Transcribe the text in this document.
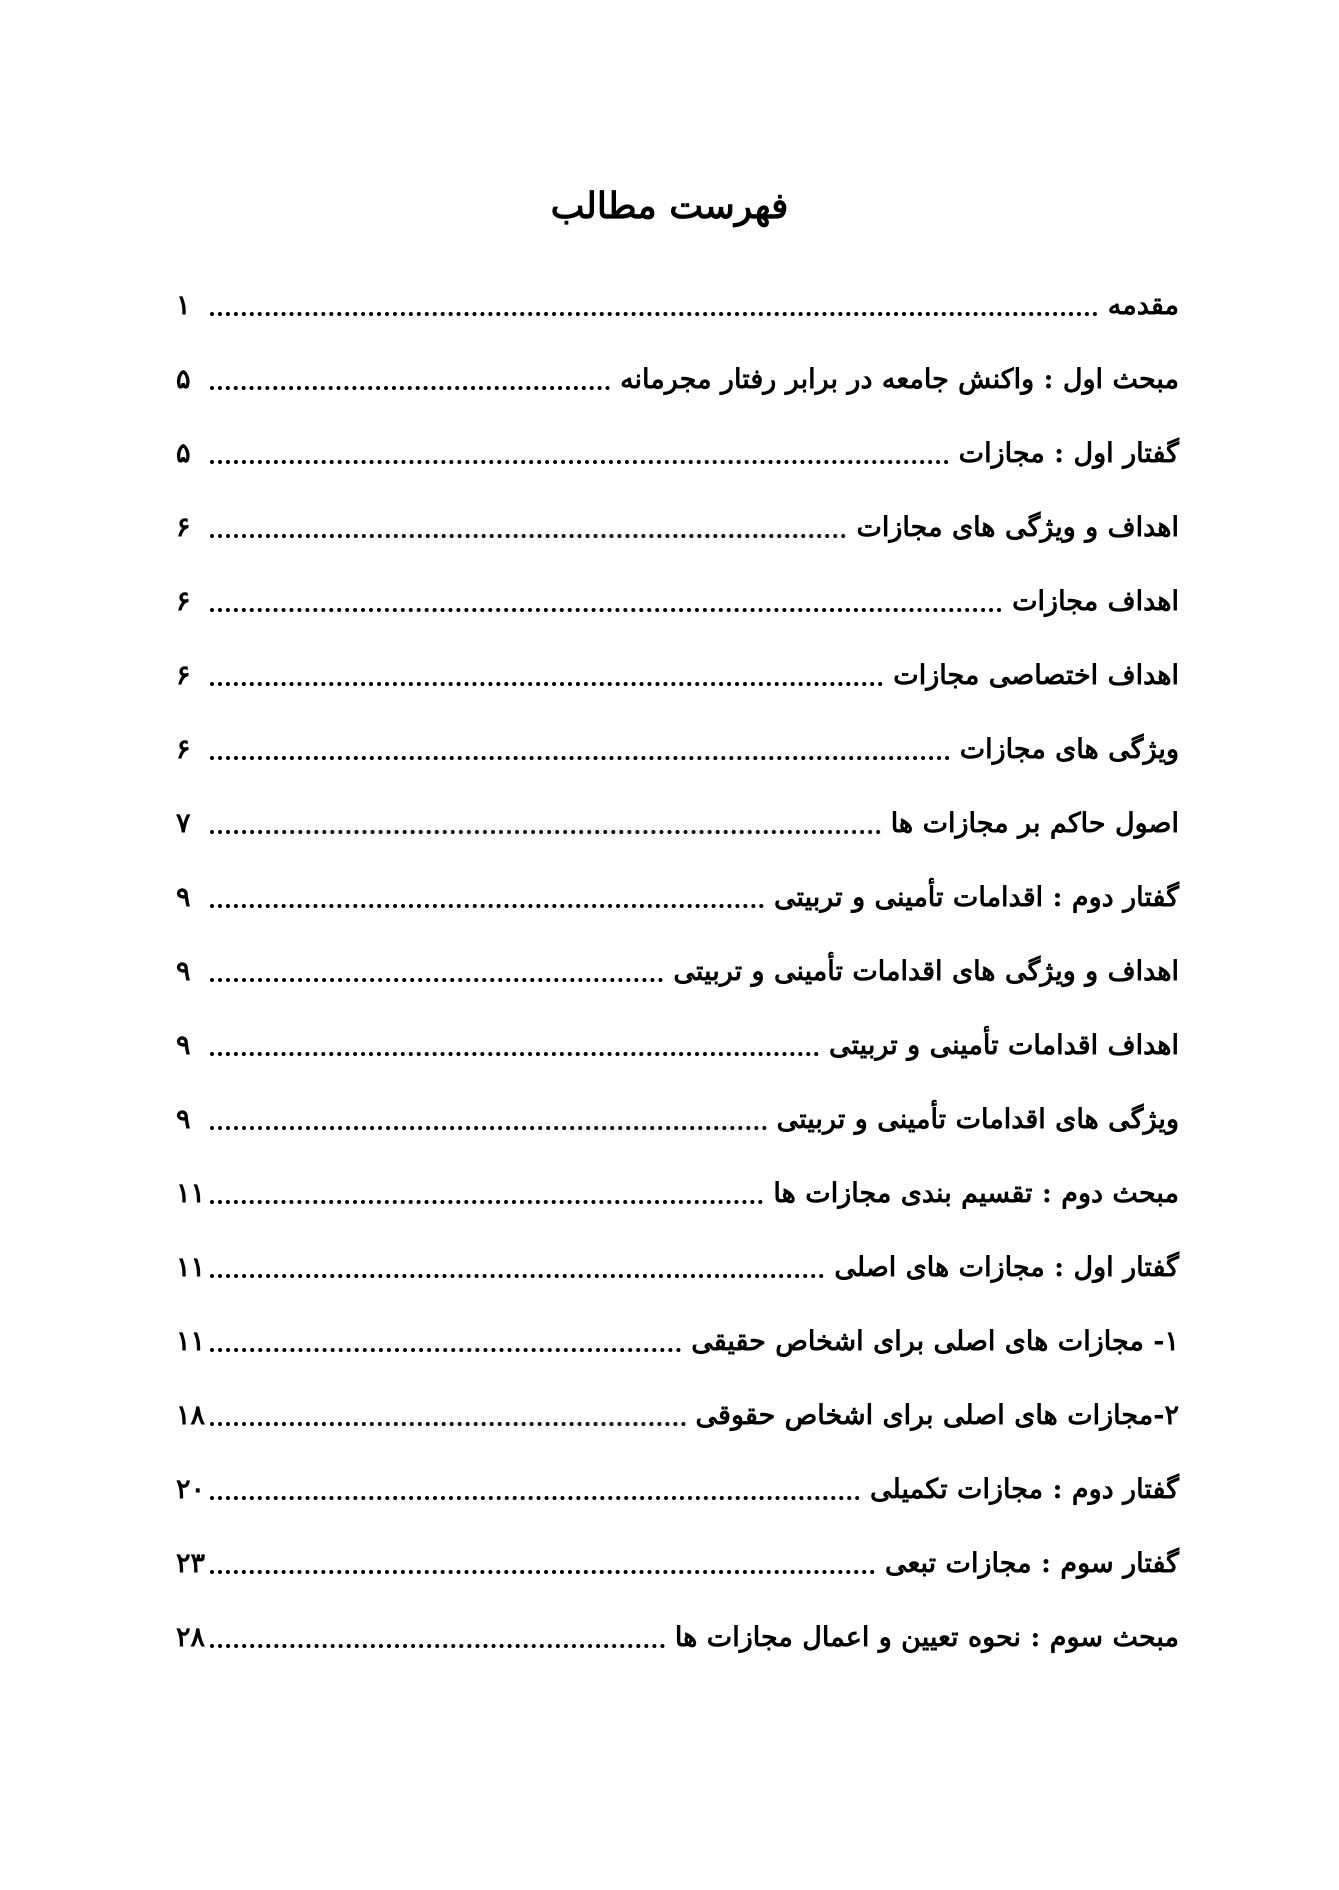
فهرست مطالب
مقدمه
۱
مبحث اول : واکنش جامعه در برابر رفتار مجرمانه
۵
گفتار اول : مجازات
۵
اهداف و ویژگی های مجازات
۶
اهداف مجازات
۶
اهداف اختصاصی مجازات
۶
ویژگی های مجازات
۶
اصول حاکم بر مجازات ها
۷
گفتار دوم : اقدامات تأمینی و تربیتی
۹
اهداف و ویژگی های اقدامات تأمینی و تربیتی
۹
اهداف اقدامات تأمینی و تربیتی
۹
ویژگی های اقدامات تأمینی و تربیتی
۹
مبحث دوم : تقسیم بندی مجازات ها
۱۱
گفتار اول : مجازات های اصلی
۱۱
۱- مجازات های اصلی برای اشخاص حقیقی
۱۱
۲-مجازات های اصلی برای اشخاص حقوقی
۱۸
گفتار دوم : مجازات تکمیلی
۲۰
گفتار سوم : مجازات تبعی
۲۳
مبحث سوم : نحوه تعیین و اعمال مجازات ها
۲۸
